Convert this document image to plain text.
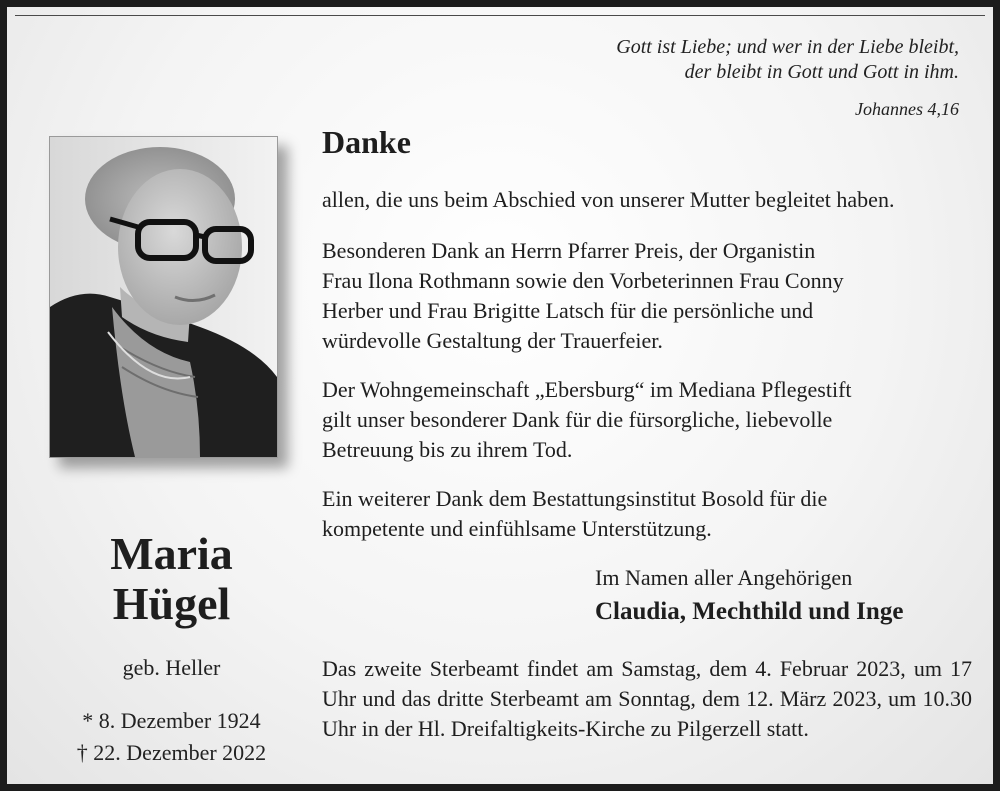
Gott ist Liebe; und wer in der Liebe bleibt,
der bleibt in Gott und Gott in ihm.
Johannes 4,16
Maria
Hügel
geb. Heller
* 8. Dezember 1924
† 22. Dezember 2022
Danke
allen, die uns beim Abschied von unserer Mutter begleitet haben.
Besonderen Dank an Herrn Pfarrer Preis, der Organistin
Frau Ilona Rothmann sowie den Vorbeterinnen Frau Conny
Herber und Frau Brigitte Latsch für die persönliche und
würdevolle Gestaltung der Trauerfeier.
Der Wohngemeinschaft „Ebersburg“ im Mediana Pflegestift
gilt unser besonderer Dank für die fürsorgliche, liebevolle
Betreuung bis zu ihrem Tod.
Ein weiterer Dank dem Bestattungsinstitut Bosold für die
kompetente und einfühlsame Unterstützung.
Im Namen aller Angehörigen
Claudia, Mechthild und Inge
Das zweite Sterbeamt findet am Samstag, dem 4. Februar 2023, um 17 Uhr und das dritte Sterbeamt am Sonntag, dem 12. März 2023, um 10.30 Uhr in der Hl. Dreifaltigkeits-Kirche zu Pilgerzell statt.
